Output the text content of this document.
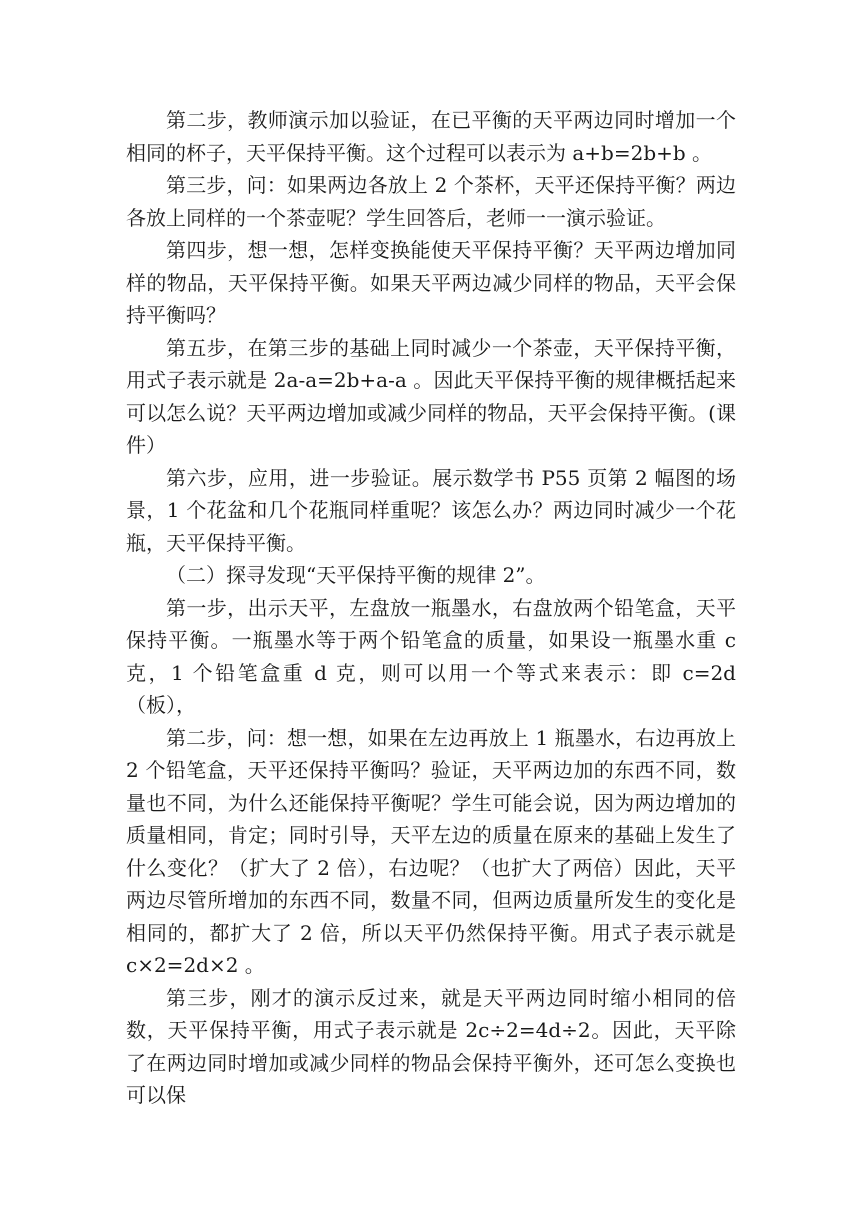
第二步，教师演示加以验证，在已平衡的天平两边同时增加一个相同的杯子，天平保持平衡。这个过程可以表示为 a+b=2b+b 。

第三步，问：如果两边各放上 2 个茶杯，天平还保持平衡？两边各放上同样的一个茶壶呢？学生回答后，老师一一演示验证。

第四步，想一想，怎样变换能使天平保持平衡？天平两边增加同样的物品，天平保持平衡。如果天平两边减少同样的物品，天平会保持平衡吗？

第五步，在第三步的基础上同时减少一个茶壶，天平保持平衡，用式子表示就是 2a-a=2b+a-a 。因此天平保持平衡的规律概括起来可以怎么说？天平两边增加或减少同样的物品，天平会保持平衡。(课件）

第六步，应用，进一步验证。展示数学书 P55 页第 2 幅图的场景，1 个花盆和几个花瓶同样重呢？该怎么办？两边同时减少一个花瓶，天平保持平衡。

（二）探寻发现“天平保持平衡的规律 2”。

第一步，出示天平，左盘放一瓶墨水，右盘放两个铅笔盒，天平保持平衡。一瓶墨水等于两个铅笔盒的质量，如果设一瓶墨水重 c 克，1 个铅笔盒重 d 克，则可以用一个等式来表示：即 c=2d（板），

第二步，问：想一想，如果在左边再放上 1 瓶墨水，右边再放上 2 个铅笔盒，天平还保持平衡吗？验证，天平两边加的东西不同，数量也不同，为什么还能保持平衡呢？学生可能会说，因为两边增加的质量相同，肯定；同时引导，天平左边的质量在原来的基础上发生了什么变化？（扩大了 2 倍），右边呢？（也扩大了两倍）因此，天平两边尽管所增加的东西不同，数量不同，但两边质量所发生的变化是相同的，都扩大了 2 倍，所以天平仍然保持平衡。用式子表示就是 c×2=2d×2 。

第三步，刚才的演示反过来，就是天平两边同时缩小相同的倍数，天平保持平衡，用式子表示就是 2c÷2=4d÷2。因此，天平除了在两边同时增加或减少同样的物品会保持平衡外，还可怎么变换也可以保
